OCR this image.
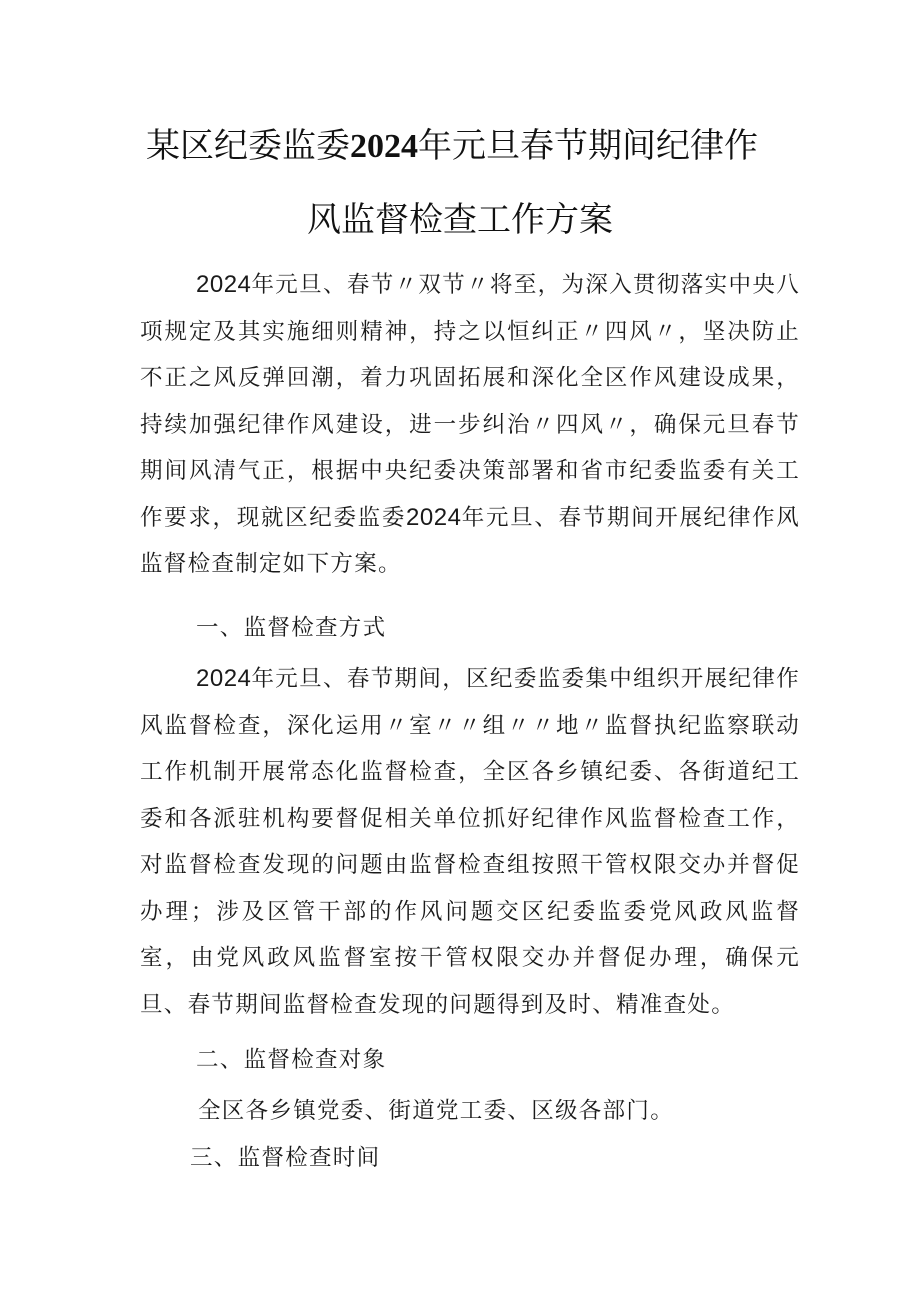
某区纪委监委2024年元旦春节期间纪律作
风监督检查工作方案

2024年元旦、春节〃双节〃将至，为深入贯彻落实中央八项规定及其实施细则精神，持之以恒纠正〃四风〃，坚决防止不正之风反弹回潮，着力巩固拓展和深化全区作风建设成果，持续加强纪律作风建设，进一步纠治〃四风〃，确保元旦春节期间风清气正，根据中央纪委决策部署和省市纪委监委有关工作要求，现就区纪委监委2024年元旦、春节期间开展纪律作风监督检查制定如下方案。

一、监督检查方式

2024年元旦、春节期间，区纪委监委集中组织开展纪律作风监督检查，深化运用〃室〃〃组〃〃地〃监督执纪监察联动工作机制开展常态化监督检查，全区各乡镇纪委、各街道纪工委和各派驻机构要督促相关单位抓好纪律作风监督检查工作，对监督检查发现的问题由监督检查组按照干管权限交办并督促办理；涉及区管干部的作风问题交区纪委监委党风政风监督室，由党风政风监督室按干管权限交办并督促办理，确保元旦、春节期间监督检查发现的问题得到及时、精准查处。

二、监督检查对象
全区各乡镇党委、街道党工委、区级各部门。
三、监督检查时间
